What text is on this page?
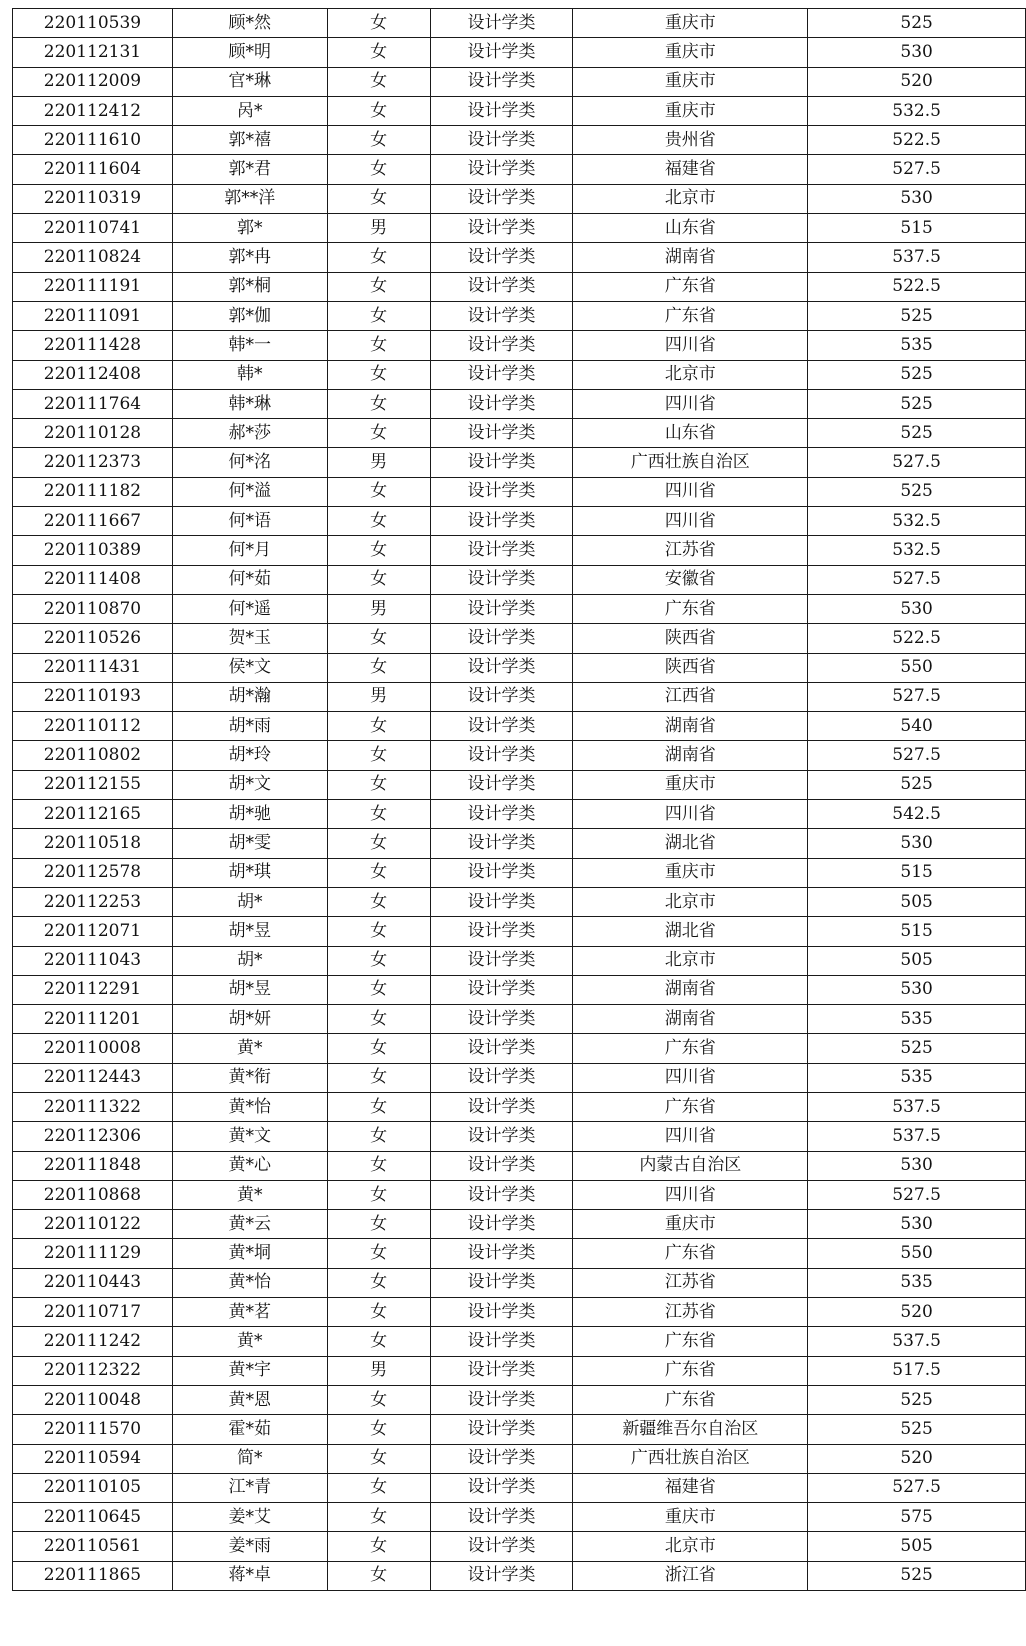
220110539	顾*然	女	设计学类	重庆市	525
220112131	顾*明	女	设计学类	重庆市	530
220112009	官*琳	女	设计学类	重庆市	520
220112412	呙*	女	设计学类	重庆市	532.5
220111610	郭*禧	女	设计学类	贵州省	522.5
220111604	郭*君	女	设计学类	福建省	527.5
220110319	郭**洋	女	设计学类	北京市	530
220110741	郭*	男	设计学类	山东省	515
220110824	郭*冉	女	设计学类	湖南省	537.5
220111191	郭*桐	女	设计学类	广东省	522.5
220111091	郭*伽	女	设计学类	广东省	525
220111428	韩*一	女	设计学类	四川省	535
220112408	韩*	女	设计学类	北京市	525
220111764	韩*琳	女	设计学类	四川省	525
220110128	郝*莎	女	设计学类	山东省	525
220112373	何*洺	男	设计学类	广西壮族自治区	527.5
220111182	何*溢	女	设计学类	四川省	525
220111667	何*语	女	设计学类	四川省	532.5
220110389	何*月	女	设计学类	江苏省	532.5
220111408	何*茹	女	设计学类	安徽省	527.5
220110870	何*遥	男	设计学类	广东省	530
220110526	贺*玉	女	设计学类	陕西省	522.5
220111431	侯*文	女	设计学类	陕西省	550
220110193	胡*瀚	男	设计学类	江西省	527.5
220110112	胡*雨	女	设计学类	湖南省	540
220110802	胡*玲	女	设计学类	湖南省	527.5
220112155	胡*文	女	设计学类	重庆市	525
220112165	胡*驰	女	设计学类	四川省	542.5
220110518	胡*雯	女	设计学类	湖北省	530
220112578	胡*琪	女	设计学类	重庆市	515
220112253	胡*	女	设计学类	北京市	505
220112071	胡*昱	女	设计学类	湖北省	515
220111043	胡*	女	设计学类	北京市	505
220112291	胡*昱	女	设计学类	湖南省	530
220111201	胡*妍	女	设计学类	湖南省	535
220110008	黄*	女	设计学类	广东省	525
220112443	黄*衔	女	设计学类	四川省	535
220111322	黄*怡	女	设计学类	广东省	537.5
220112306	黄*文	女	设计学类	四川省	537.5
220111848	黄*心	女	设计学类	内蒙古自治区	530
220110868	黄*	女	设计学类	四川省	527.5
220110122	黄*云	女	设计学类	重庆市	530
220111129	黄*垌	女	设计学类	广东省	550
220110443	黄*怡	女	设计学类	江苏省	535
220110717	黄*茗	女	设计学类	江苏省	520
220111242	黄*	女	设计学类	广东省	537.5
220112322	黄*宇	男	设计学类	广东省	517.5
220110048	黄*恩	女	设计学类	广东省	525
220111570	霍*茹	女	设计学类	新疆维吾尔自治区	525
220110594	简*	女	设计学类	广西壮族自治区	520
220110105	江*青	女	设计学类	福建省	527.5
220110645	姜*艾	女	设计学类	重庆市	575
220110561	姜*雨	女	设计学类	北京市	505
220111865	蒋*卓	女	设计学类	浙江省	525
